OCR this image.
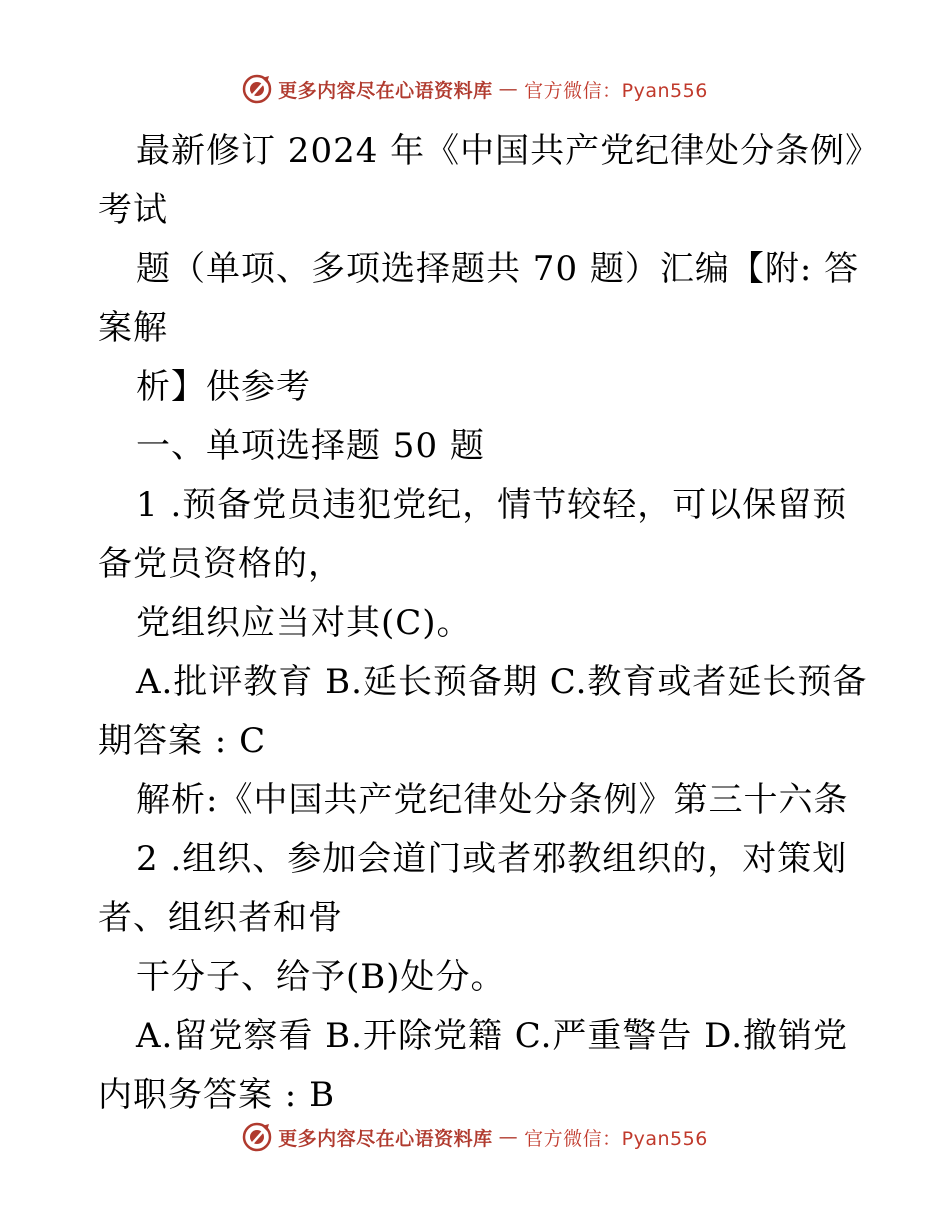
更多内容尽在心语资料库 — 官方微信：Pyan556
最新修订 2024 年《中国共产党纪律处分条例》
考试
题（单项、多项选择题共 70 题）汇编【附: 答
案解
析】供参考
一、单项选择题 50 题
1 .预备党员违犯党纪，情节较轻，可以保留预
备党员资格的，
党组织应当对其(C)。
A.批评教育 B.延长预备期 C.教育或者延长预备
期答案 : C
解析:《中国共产党纪律处分条例》第三十六条
2 .组织、参加会道门或者邪教组织的，对策划
者、组织者和骨
干分子、给予(B)处分。
A.留党察看 B.开除党籍 C.严重警告 D.撤销党
内职务答案 : B
更多内容尽在心语资料库 — 官方微信：Pyan556
